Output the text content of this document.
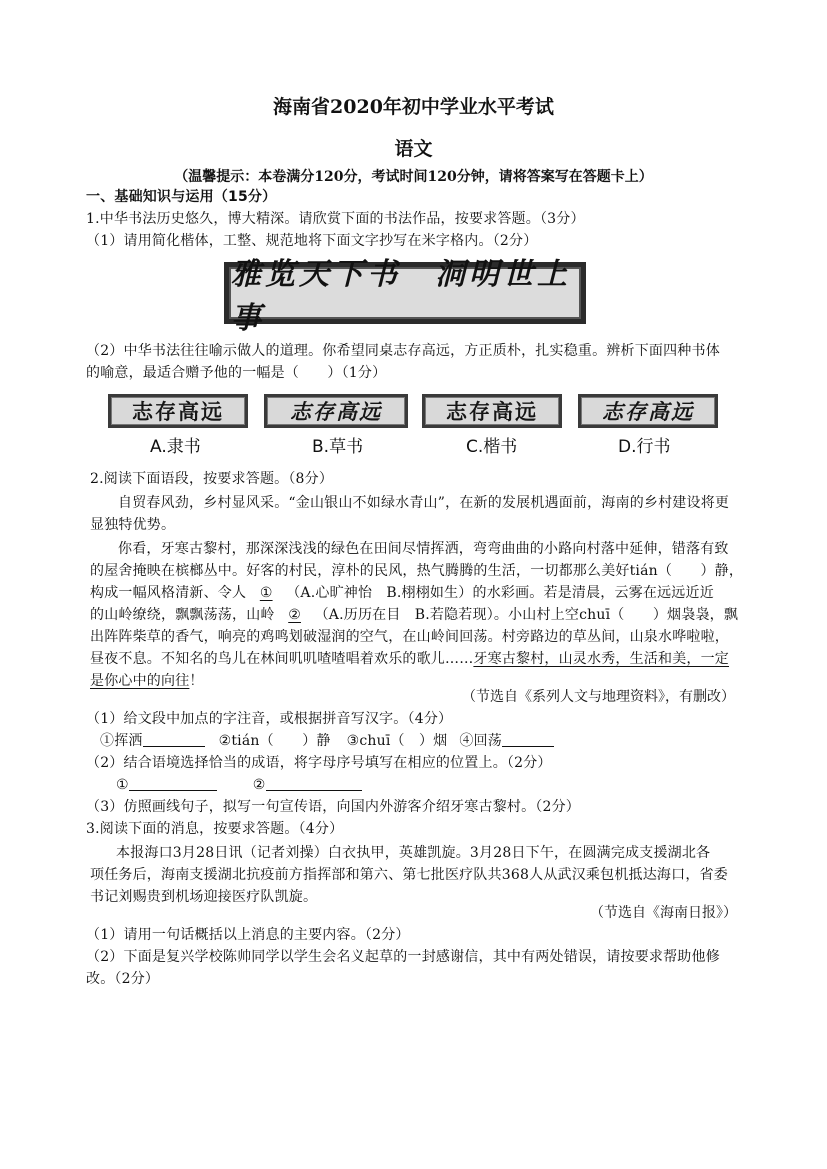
海南省2020年初中学业水平考试
语文
（温馨提示：本卷满分120分，考试时间120分钟，请将答案写在答题卡上）
一、基础知识与运用（15分）
1.中华书法历史悠久，博大精深。请欣赏下面的书法作品，按要求答题。（3分）
（1）请用简化楷体，工整、规范地将下面文字抄写在米字格内。（2分）
雅览天下书　洞明世上事
（2）中华书法往往喻示做人的道理。你希望同桌志存高远，方正质朴，扎实稳重。辨析下面四种书体
的喻意，最适合赠予他的一幅是（　　）（1分）
志存高远	志存高远	志存高远	志存高远
A.隶书	B.草书	C.楷书	D.行书
2.阅读下面语段，按要求答题。（8分）
自贸春风劲，乡村显风采。“金山银山不如绿水青山”，在新的发展机遇面前，海南的乡村建设将更
显独特优势。
你看，牙寒古黎村，那深深浅浅的绿色在田间尽情挥洒，弯弯曲曲的小路向村落中延伸，错落有致
的屋舍掩映在槟榔丛中。好客的村民，淳朴的民风，热气腾腾的生活，一切都那么美好tián（　　）静，
构成一幅风格清新、令人 ① （A.心旷神怡　B.栩栩如生）的水彩画。若是清晨，云雾在远远近近
的山岭缭绕，飘飘荡荡，山岭 ② （A.历历在目　B.若隐若现）。小山村上空chuī（　　）烟袅袅，飘
出阵阵柴草的香气，响亮的鸡鸣划破湿润的空气，在山岭间回荡。村旁路边的草丛间，山泉水哗啦啦，
昼夜不息。不知名的鸟儿在林间叽叽喳喳唱着欢乐的歌儿……牙寒古黎村，山灵水秀，生活和美，一定
是你心中的向往！
（节选自《系列人文与地理资料》，有删改）
（1）给文段中加点的字注音，或根据拼音写汉字。（4分）
①挥洒	②tián（　　）静 ③chuī（　）烟 ④回荡
（2）结合语境选择恰当的成语，将字母序号填写在相应的位置上。（2分）
①	②
（3）仿照画线句子，拟写一句宣传语，向国内外游客介绍牙寒古黎村。（2分）
3.阅读下面的消息，按要求答题。（4分）
本报海口3月28日讯（记者刘操）白衣执甲，英雄凯旋。3月28日下午，在圆满完成支援湖北各
项任务后，海南支援湖北抗疫前方指挥部和第六、第七批医疗队共368人从武汉乘包机抵达海口，省委
书记刘赐贵到机场迎接医疗队凯旋。
（节选自《海南日报》）
（1）请用一句话概括以上消息的主要内容。（2分）
（2）下面是复兴学校陈帅同学以学生会名义起草的一封感谢信，其中有两处错误，请按要求帮助他修
改。（2分）
